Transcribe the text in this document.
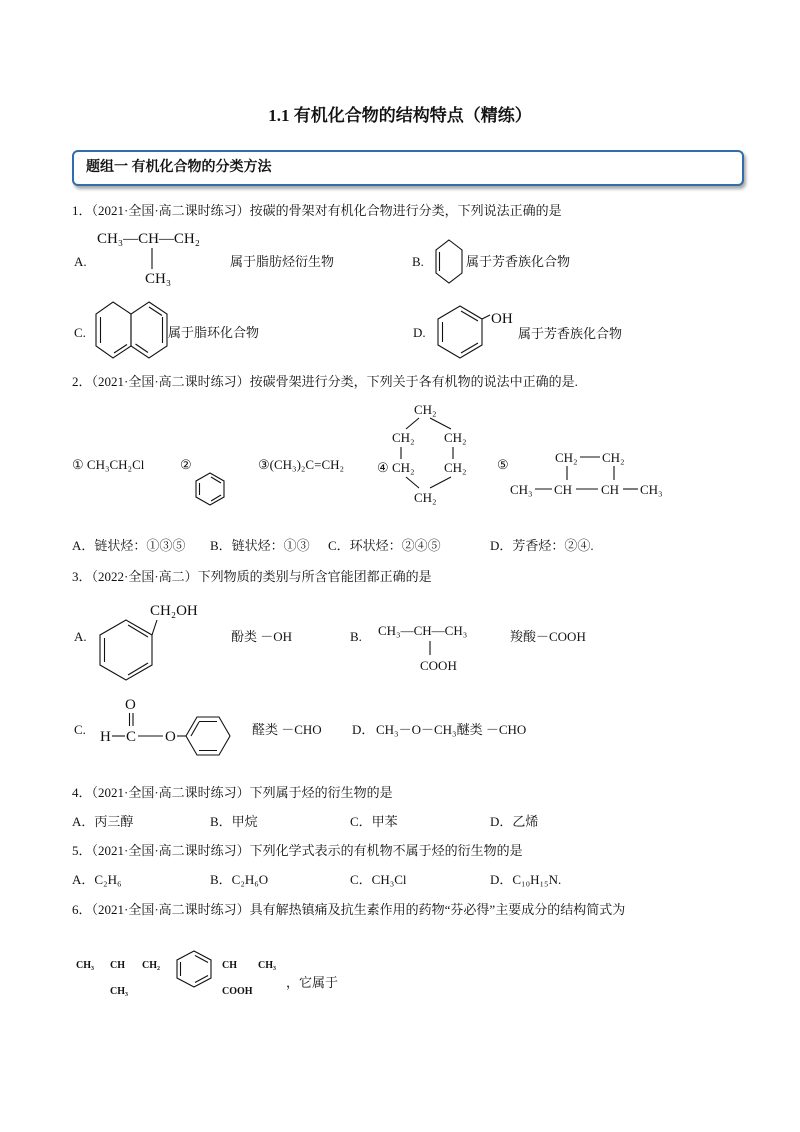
1.1 有机化合物的结构特点（精练）
题组一 有机化合物的分类方法
1．（2021·全国·高二课时练习）按碳的骨架对有机化合物进行分类，下列说法正确的是
A.
CH₃—CH—CH₂
CH₃
属于脂肪烃衍生物	B.	属于芳香族化合物
C.	属于脂环化合物	D.
OH
属于芳香族化合物
2．（2021·全国·高二课时练习）按碳骨架进行分类，下列关于各有机物的说法中正确的是.
① CH₃CH₂Cl	②	③(CH₃)₂C=CH₂
CH₂
CH₂ CH₂
④ CH₂ CH₂
CH₂
⑤	CH₂ CH₂
CH₃ CH CH CH₃
A．链状烃：①③⑤ B．链状烃：①③ C．环状烃：②④⑤	D．芳香烃：②④.
3．（2022·全国·高二）下列物质的类别与所含官能团都正确的是
A.
CH₂OH
酚类 －OH	B. CH₃—CH—CH₃
COOH
羧酸－COOH
C.
O
H C O	醛类 －CHO D． CH₃－O－CH₃醚类 －CHO
4．（2021·全国·高二课时练习）下列属于烃的衍生物的是
A．丙三醇	B．甲烷	C．甲苯	D．乙烯
5．（2021·全国·高二课时练习）下列化学式表示的有机物不属于烃的衍生物的是
A．C₂H₆	B．C₂H₆O	C．CH₃Cl	D．C₁₀H₁₅N.
6．（2021·全国·高二课时练习）具有解热镇痛及抗生素作用的药物“芬必得”主要成分的结构简式为
CH₃ CH CH₂	CH CH₃
CH₃	COOH
，它属于
